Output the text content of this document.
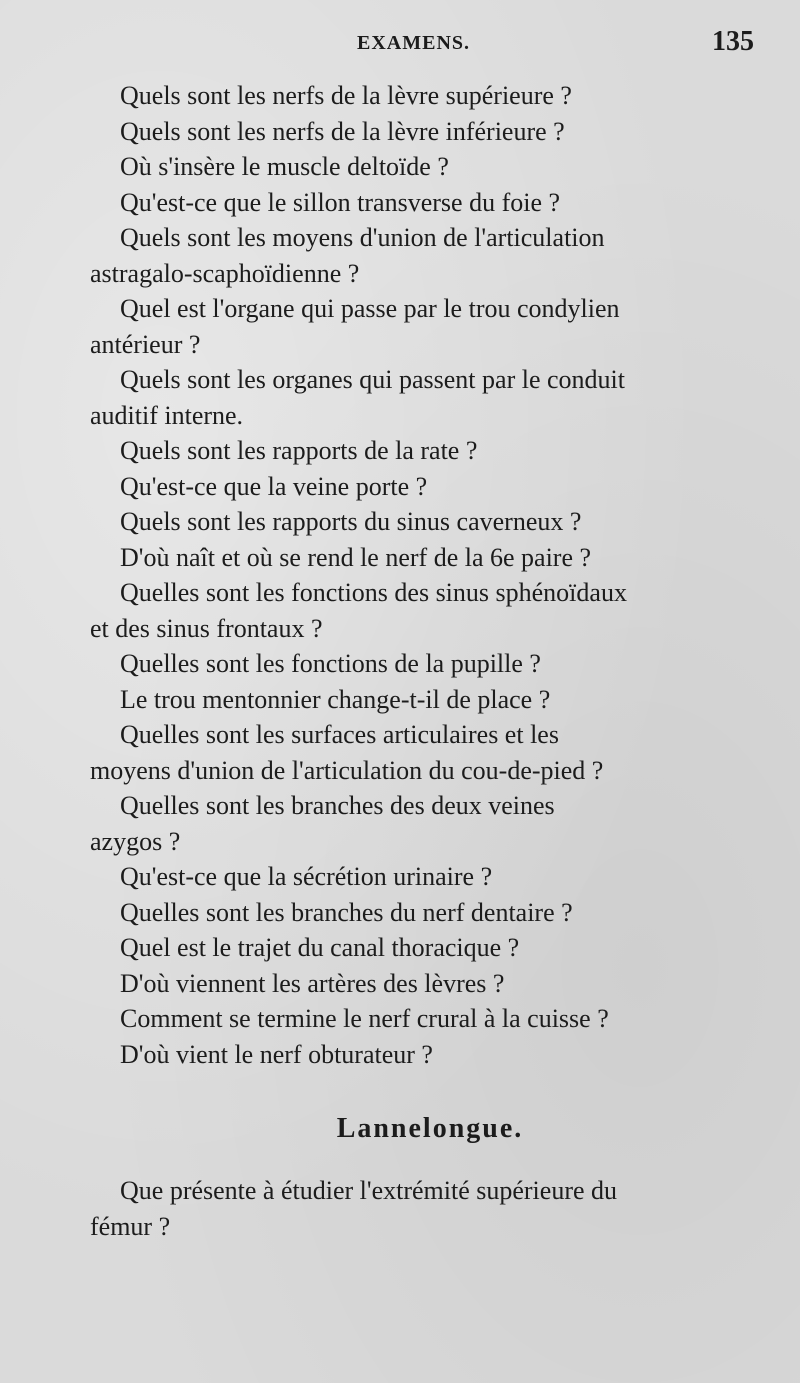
EXAMENS.	135
Quels sont les nerfs de la lèvre supérieure ?
Quels sont les nerfs de la lèvre inférieure ?
Où s'insère le muscle deltoïde ?
Qu'est-ce que le sillon transverse du foie ?
Quels sont les moyens d'union de l'articulation
astragalo-scaphoïdienne ?
Quel est l'organe qui passe par le trou condylien
antérieur ?
Quels sont les organes qui passent par le conduit
auditif interne.
Quels sont les rapports de la rate ?
Qu'est-ce que la veine porte ?
Quels sont les rapports du sinus caverneux ?
D'où naît et où se rend le nerf de la 6e paire ?
Quelles sont les fonctions des sinus sphénoïdaux
et des sinus frontaux ?
Quelles sont les fonctions de la pupille ?
Le trou mentonnier change-t-il de place ?
Quelles sont les surfaces articulaires et les
moyens d'union de l'articulation du cou-de-pied ?
Quelles sont les branches des deux veines
azygos ?
Qu'est-ce que la sécrétion urinaire ?
Quelles sont les branches du nerf dentaire ?
Quel est le trajet du canal thoracique ?
D'où viennent les artères des lèvres ?
Comment se termine le nerf crural à la cuisse ?
D'où vient le nerf obturateur ?
Lannelongue.
Que présente à étudier l'extrémité supérieure du
fémur ?
